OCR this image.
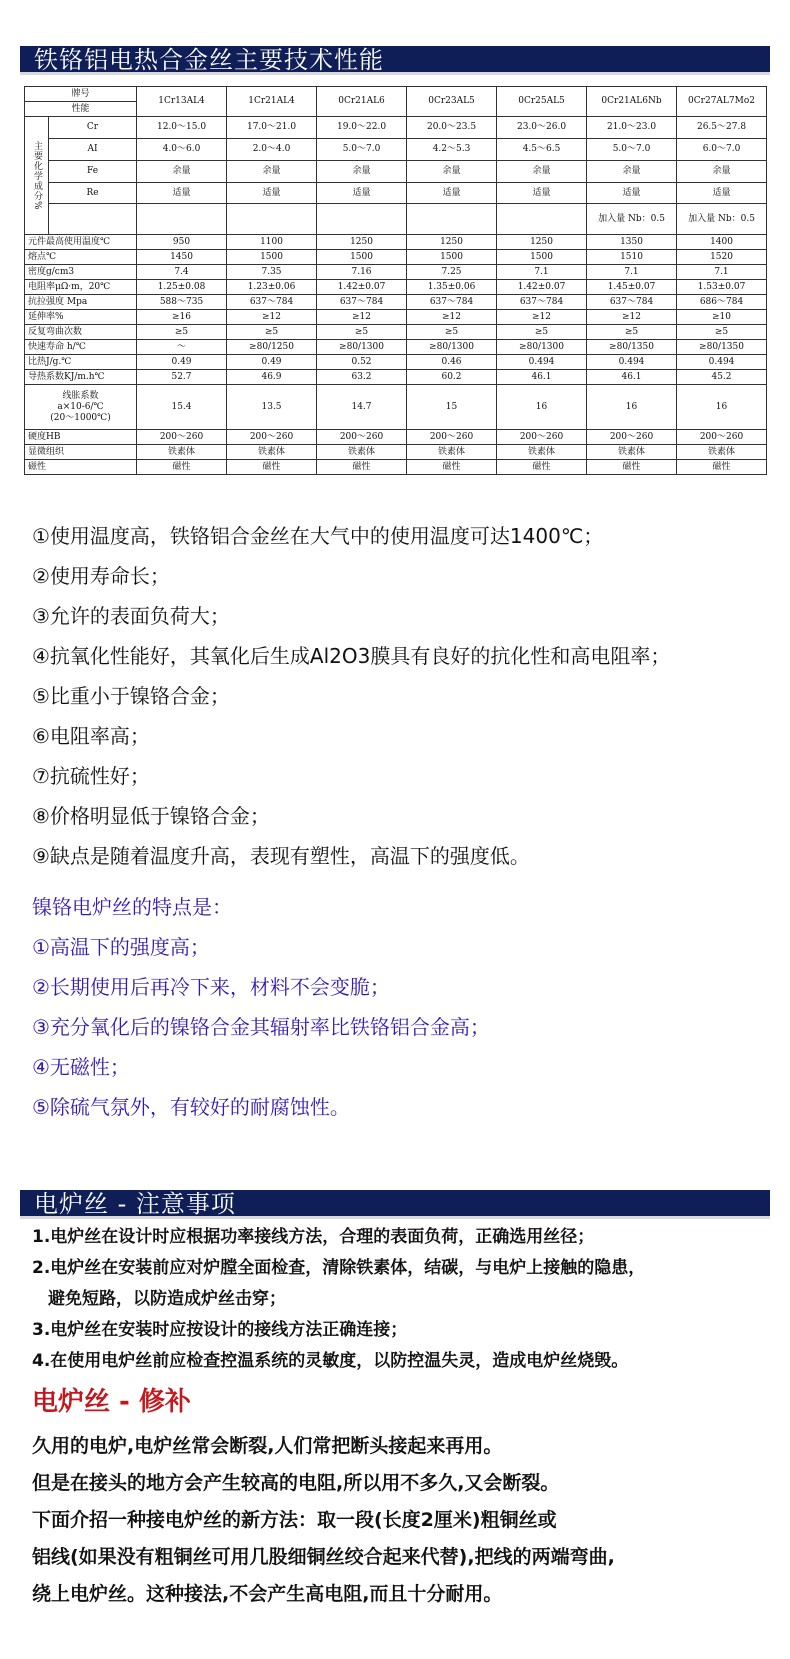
铁铬铝电热合金丝主要技术性能
牌号		1Cr13AL4	1Cr21AL4	0Cr21AL6	0Cr23AL5	0Cr25AL5	0Cr21AL6Nb	0Cr27AL7Mo2
性能								
主要化学成分%	Cr	12.0～15.0	17.0～21.0	19.0～22.0	20.0～23.5	23.0～26.0	21.0～23.0	26.5～27.8
	AI	4.0～6.0	2.0～4.0	5.0～7.0	4.2～5.3	4.5～6.5	5.0～7.0	6.0～7.0
	Fe	余量	余量	余量	余量	余量	余量	余量
	Re	适量	适量	适量	适量	适量	适量	适量
							加入量 Nb：0.5	加入量 Nb：0.5
元件最高使用温度℃		950	1100	1250	1250	1250	1350	1400
熔点℃		1450	1500	1500	1500	1500	1510	1520
密度g/cm3		7.4	7.35	7.16	7.25	7.1	7.1	7.1
电阻率μΩ·m，20℃		1.25±0.08	1.23±0.06	1.42±0.07	1.35±0.06	1.42±0.07	1.45±0.07	1.53±0.07
抗拉强度 Mpa		588～735	637～784	637～784	637～784	637～784	637～784	686～784
延伸率%		≥16	≥12	≥12	≥12	≥12	≥12	≥10
反复弯曲次数		≥5	≥5	≥5	≥5	≥5	≥5	≥5
快速寿命 h/℃		～	≥80/1250	≥80/1300	≥80/1300	≥80/1300	≥80/1350	≥80/1350
比热J/g.℃		0.49	0.49	0.52	0.46	0.494	0.494	0.494
导热系数KJ/m.h℃		52.7	46.9	63.2	60.2	46.1	46.1	45.2

线胀系数
a×10-6/℃
(20～1000℃)		15.4	13.5	14.7	15	16	16	16
硬度HB		200～260	200～260	200～260	200～260	200～260	200～260	200～260
显微组织		铁素体	铁素体	铁素体	铁素体	铁素体	铁素体	铁素体
磁性		磁性	磁性	磁性	磁性	磁性	磁性	磁性
①使用温度高，铁铬铝合金丝在大气中的使用温度可达1400℃；
②使用寿命长；
③允许的表面负荷大；
④抗氧化性能好，其氧化后生成Al2O3膜具有良好的抗化性和高电阻率；
⑤比重小于镍铬合金；
⑥电阻率高；
⑦抗硫性好；
⑧价格明显低于镍铬合金；
⑨缺点是随着温度升高，表现有塑性，高温下的强度低。
镍铬电炉丝的特点是：
①高温下的强度高；
②长期使用后再冷下来，材料不会变脆；
③充分氧化后的镍铬合金其辐射率比铁铬铝合金高；
④无磁性；
⑤除硫气氛外，有较好的耐腐蚀性。
电炉丝 - 注意事项

1.电炉丝在设计时应根据功率接线方法，合理的表面负荷，正确选用丝径；

2.电炉丝在安装前应对炉膛全面检查，清除铁素体，结碳，与电炉上接触的隐患，

避免短路，以防造成炉丝击穿；

3.电炉丝在安装时应按设计的接线方法正确连接；

4.在使用电炉丝前应检查控温系统的灵敏度，以防控温失灵，造成电炉丝烧毁。

电炉丝 - 修补

久用的电炉,电炉丝常会断裂,人们常把断头接起来再用。

但是在接头的地方会产生较高的电阻,所以用不多久,又会断裂。

下面介招一种接电炉丝的新方法：取一段(长度2厘米)粗铜丝或

铝线(如果没有粗铜丝可用几股细铜丝绞合起来代替),把线的两端弯曲,

绕上电炉丝。这种接法,不会产生高电阻,而且十分耐用。
